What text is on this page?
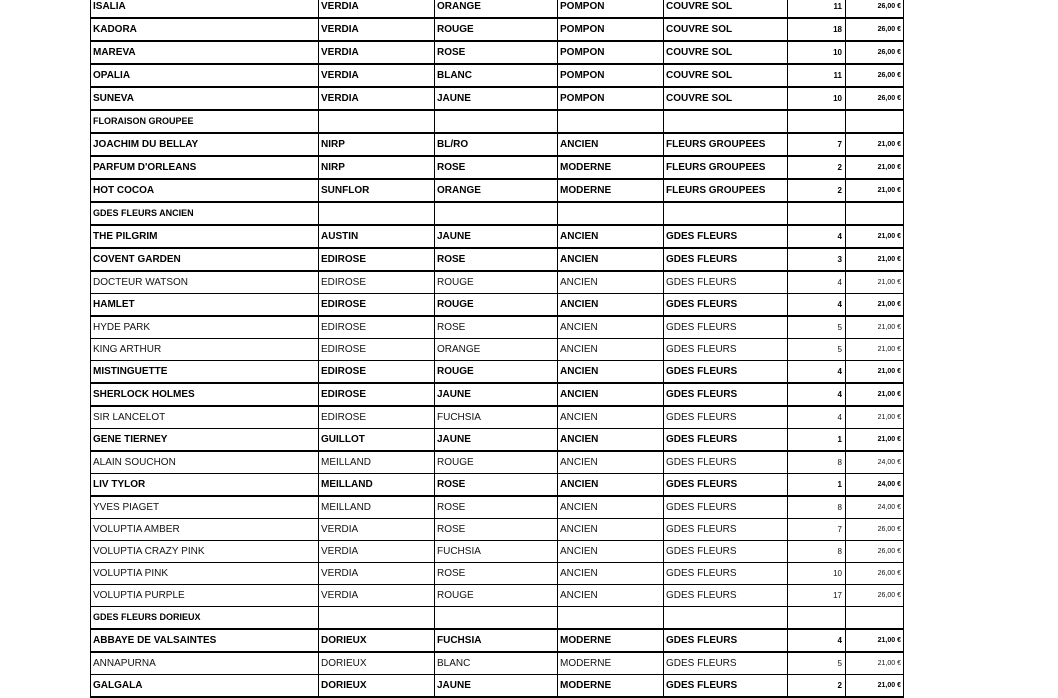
ISALIA	VERDIA	ORANGE	POMPON	COUVRE SOL	11	26,00 €
KADORA	VERDIA	ROUGE	POMPON	COUVRE SOL	18	26,00 €
MAREVA	VERDIA	ROSE	POMPON	COUVRE SOL	10	26,00 €
OPALIA	VERDIA	BLANC	POMPON	COUVRE SOL	11	26,00 €
SUNEVA	VERDIA	JAUNE	POMPON	COUVRE SOL	10	26,00 €
FLORAISON GROUPEE						
JOACHIM DU BELLAY	NIRP	BL/RO	ANCIEN	FLEURS GROUPEES	7	21,00 €
PARFUM D'ORLEANS	NIRP	ROSE	MODERNE	FLEURS GROUPEES	2	21,00 €
HOT COCOA	SUNFLOR	ORANGE	MODERNE	FLEURS GROUPEES	2	21,00 €
GDES FLEURS ANCIEN						
THE PILGRIM	AUSTIN	JAUNE	ANCIEN	GDES FLEURS	4	21,00 €
COVENT GARDEN	EDIROSE	ROSE	ANCIEN	GDES FLEURS	3	21,00 €
DOCTEUR WATSON	EDIROSE	ROUGE	ANCIEN	GDES FLEURS	4	21,00 €
HAMLET	EDIROSE	ROUGE	ANCIEN	GDES FLEURS	4	21,00 €
HYDE PARK	EDIROSE	ROSE	ANCIEN	GDES FLEURS	5	21,00 €
KING ARTHUR	EDIROSE	ORANGE	ANCIEN	GDES FLEURS	5	21,00 €
MISTINGUETTE	EDIROSE	ROUGE	ANCIEN	GDES FLEURS	4	21,00 €
SHERLOCK HOLMES	EDIROSE	JAUNE	ANCIEN	GDES FLEURS	4	21,00 €
SIR LANCELOT	EDIROSE	FUCHSIA	ANCIEN	GDES FLEURS	4	21,00 €
GENE TIERNEY	GUILLOT	JAUNE	ANCIEN	GDES FLEURS	1	21,00 €
ALAIN SOUCHON	MEILLAND	ROUGE	ANCIEN	GDES FLEURS	8	24,00 €
LIV TYLOR	MEILLAND	ROSE	ANCIEN	GDES FLEURS	1	24,00 €
YVES PIAGET	MEILLAND	ROSE	ANCIEN	GDES FLEURS	8	24,00 €
VOLUPTIA AMBER	VERDIA	ROSE	ANCIEN	GDES FLEURS	7	26,00 €
VOLUPTIA CRAZY PINK	VERDIA	FUCHSIA	ANCIEN	GDES FLEURS	8	26,00 €
VOLUPTIA PINK	VERDIA	ROSE	ANCIEN	GDES FLEURS	10	26,00 €
VOLUPTIA PURPLE	VERDIA	ROUGE	ANCIEN	GDES FLEURS	17	26,00 €
GDES FLEURS DORIEUX						
ABBAYE DE VALSAINTES	DORIEUX	FUCHSIA	MODERNE	GDES FLEURS	4	21,00 €
ANNAPURNA	DORIEUX	BLANC	MODERNE	GDES FLEURS	5	21,00 €
GALGALA	DORIEUX	JAUNE	MODERNE	GDES FLEURS	2	21,00 €
